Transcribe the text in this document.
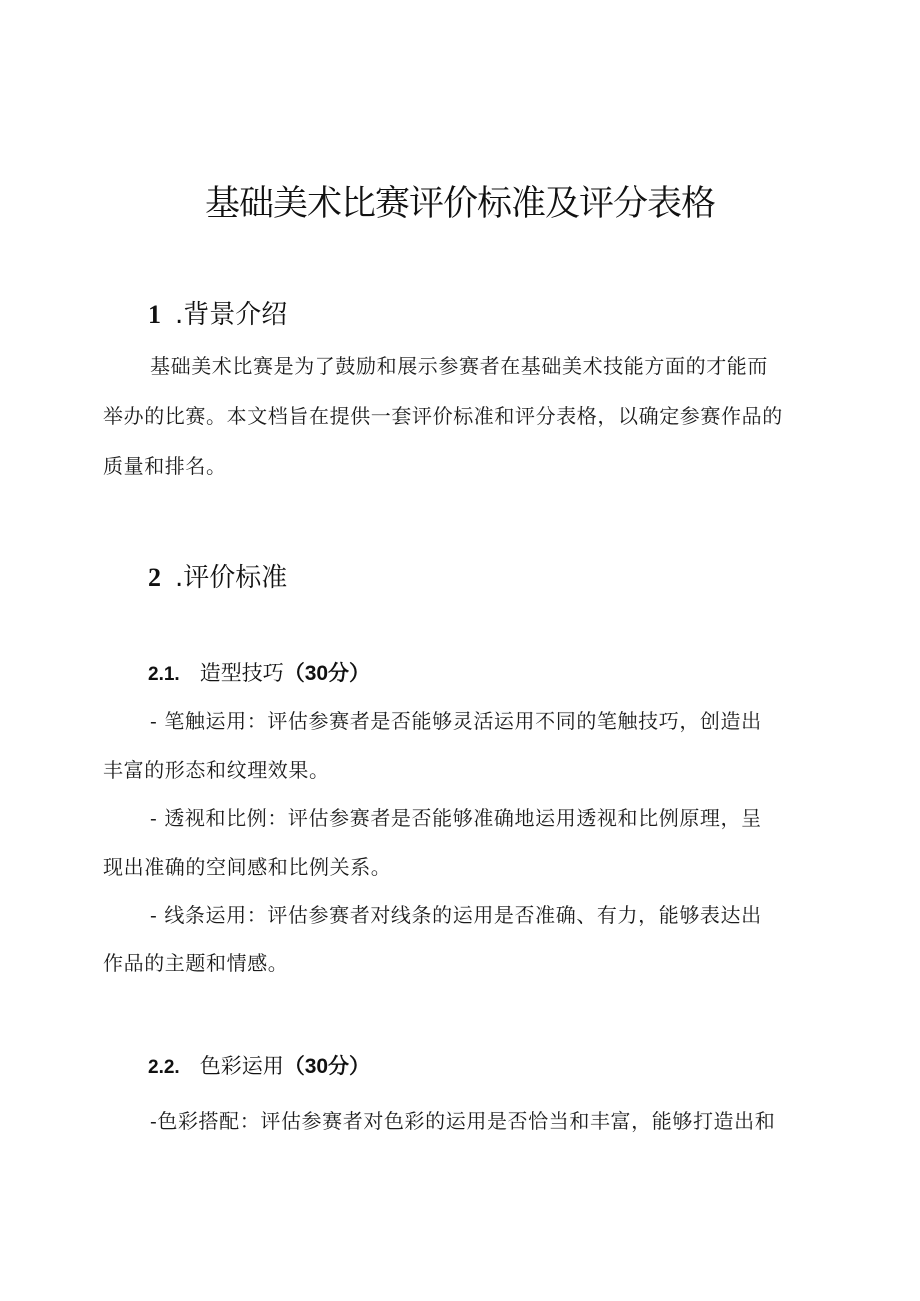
基础美术比赛评价标准及评分表格
1 .背景介绍

基础美术比赛是为了鼓励和展示参赛者在基础美术技能方面的才能而

举办的比赛。本文档旨在提供一套评价标准和评分表格，以确定参赛作品的

质量和排名。

2 .评价标准
2.1. 造型技巧（30分）

- 笔触运用：评估参赛者是否能够灵活运用不同的笔触技巧，创造出

丰富的形态和纹理效果。

- 透视和比例：评估参赛者是否能够准确地运用透视和比例原理，呈

现出准确的空间感和比例关系。

- 线条运用：评估参赛者对线条的运用是否准确、有力，能够表达出

作品的主题和情感。

2.2. 色彩运用（30分）

-色彩搭配：评估参赛者对色彩的运用是否恰当和丰富，能够打造出和
